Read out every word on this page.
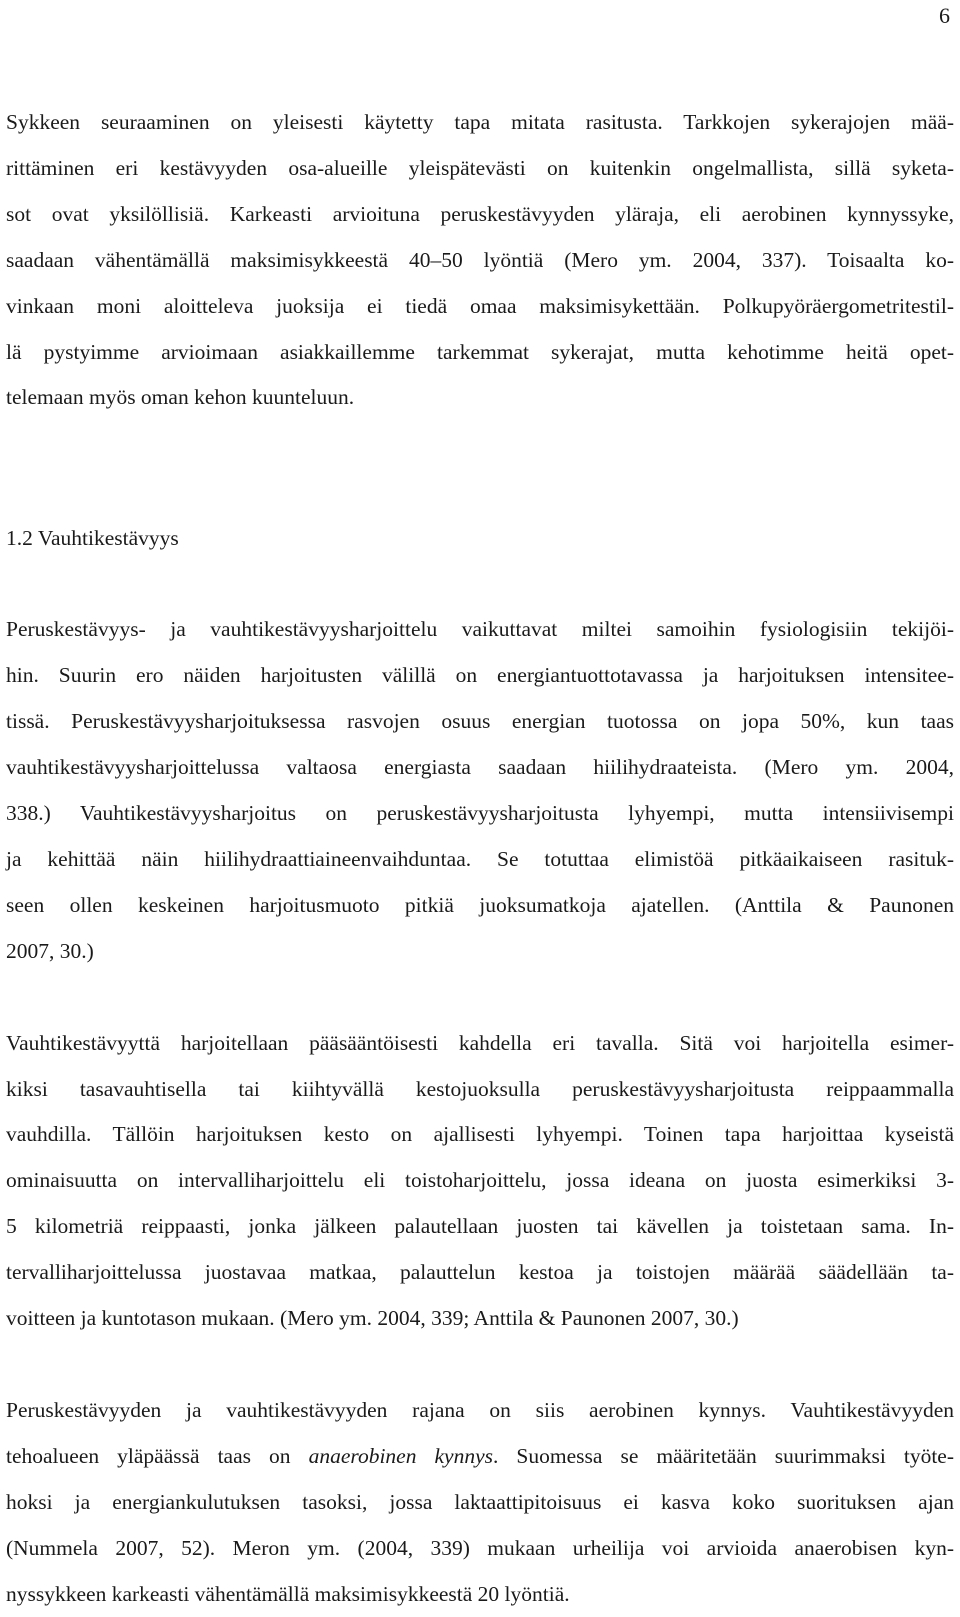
6

Sykkeen seuraaminen on yleisesti käytetty tapa mitata rasitusta. Tarkkojen sykerajojen mää-
rittäminen eri kestävyyden osa-alueille yleispätevästi on kuitenkin ongelmallista, sillä syketa-
sot ovat yksilöllisiä. Karkeasti arvioituna peruskestävyyden yläraja, eli aerobinen kynnyssyke,
saadaan vähentämällä maksimisykkeestä 40–50 lyöntiä (Mero ym. 2004, 337). Toisaalta ko-
vinkaan moni aloitteleva juoksija ei tiedä omaa maksimisykettään. Polkupyöräergometritestil-
lä pystyimme arvioimaan asiakkaillemme tarkemmat sykerajat, mutta kehotimme heitä opet-
telemaan myös oman kehon kuunteluun.

1.2 Vauhtikestävyys

Peruskestävyys- ja vauhtikestävyysharjoittelu vaikuttavat miltei samoihin fysiologisiin tekijöi-
hin. Suurin ero näiden harjoitusten välillä on energiantuottotavassa ja harjoituksen intensitee-
tissä. Peruskestävyysharjoituksessa rasvojen osuus energian tuotossa on jopa 50%, kun taas
vauhtikestävyysharjoittelussa valtaosa energiasta saadaan hiilihydraateista. (Mero ym. 2004,
338.) Vauhtikestävyysharjoitus on peruskestävyysharjoitusta lyhyempi, mutta intensiivisempi
ja kehittää näin hiilihydraattiaineenvaihduntaa. Se totuttaa elimistöä pitkäaikaiseen rasituk-
seen ollen keskeinen harjoitusmuoto pitkiä juoksumatkoja ajatellen. (Anttila & Paunonen
2007, 30.)

Vauhtikestävyyttä harjoitellaan pääsääntöisesti kahdella eri tavalla. Sitä voi harjoitella esimer-
kiksi tasavauhtisella tai kiihtyvällä kestojuoksulla peruskestävyysharjoitusta reippaammalla
vauhdilla. Tällöin harjoituksen kesto on ajallisesti lyhyempi. Toinen tapa harjoittaa kyseistä
ominaisuutta on intervalliharjoittelu eli toistoharjoittelu, jossa ideana on juosta esimerkiksi 3-
5 kilometriä reippaasti, jonka jälkeen palautellaan juosten tai kävellen ja toistetaan sama. In-
tervalliharjoittelussa juostavaa matkaa, palauttelun kestoa ja toistojen määrää säädellään ta-
voitteen ja kuntotason mukaan. (Mero ym. 2004, 339; Anttila & Paunonen 2007, 30.)

Peruskestävyyden ja vauhtikestävyyden rajana on siis aerobinen kynnys. Vauhtikestävyyden
tehoalueen yläpäässä taas on anaerobinen kynnys. Suomessa se määritetään suurimmaksi työte-
hoksi ja energiankulutuksen tasoksi, jossa laktaattipitoisuus ei kasva koko suorituksen ajan
(Nummela 2007, 52). Meron ym. (2004, 339) mukaan urheilija voi arvioida anaerobisen kyn-
nyssykkeen karkeasti vähentämällä maksimisykkeestä 20 lyöntiä.
